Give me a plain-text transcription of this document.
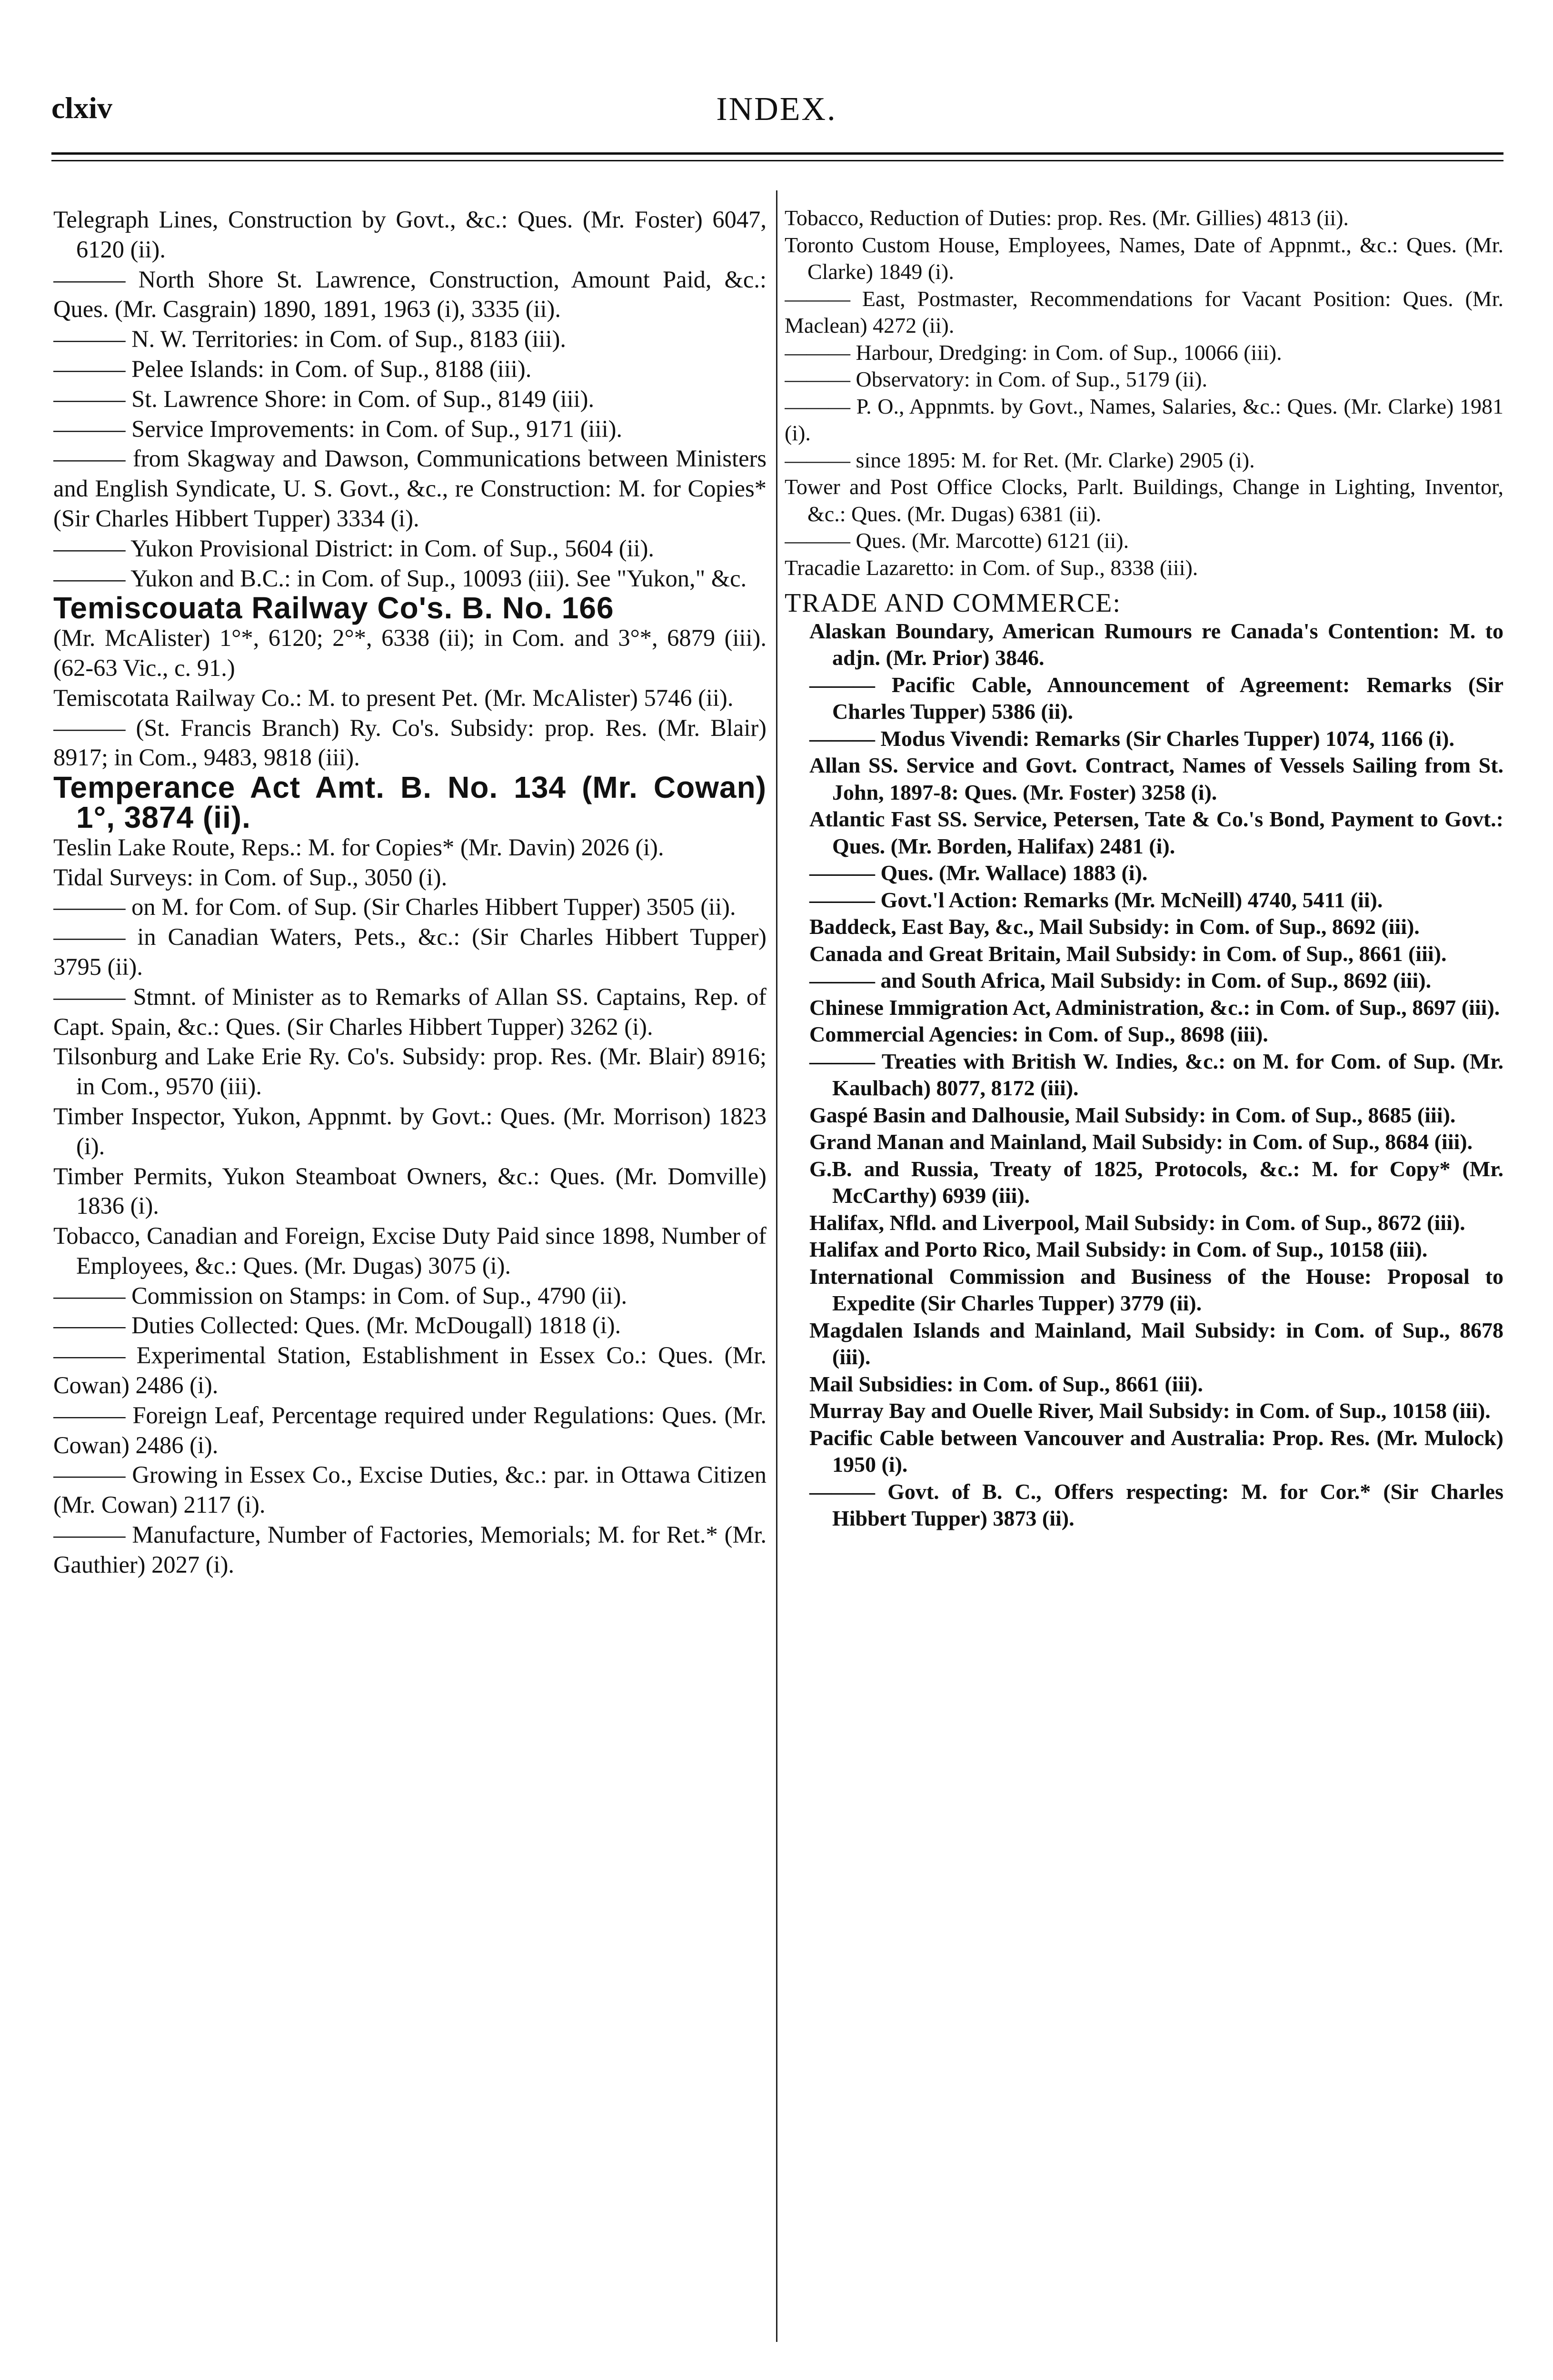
clxiv	INDEX.
Telegraph Lines, Construction by Govt., &c.: Ques. (Mr. Foster) 6047, 6120 (ii).
——— North Shore St. Lawrence, Construction, Amount Paid, &c.: Ques. (Mr. Casgrain) 1890, 1891, 1963 (i), 3335 (ii).
——— N. W. Territories: in Com. of Sup., 8183 (iii).
——— Pelee Islands: in Com. of Sup., 8188 (iii).
——— St. Lawrence Shore: in Com. of Sup., 8149 (iii).
——— Service Improvements: in Com. of Sup., 9171 (iii).
——— from Skagway and Dawson, Communications between Ministers and English Syndicate, U. S. Govt., &c., re Construction: M. for Copies* (Sir Charles Hibbert Tupper) 3334 (i).
——— Yukon Provisional District: in Com. of Sup., 5604 (ii).
——— Yukon and B.C.: in Com. of Sup., 10093 (iii). See "Yukon," &c.
Temiscouata Railway Co's. B. No. 166
(Mr. McAlister) 1°*, 6120; 2°*, 6338 (ii); in Com. and 3°*, 6879 (iii). (62-63 Vic., c. 91.)
Temiscotata Railway Co.: M. to present Pet. (Mr. McAlister) 5746 (ii).
——— (St. Francis Branch) Ry. Co's. Subsidy: prop. Res. (Mr. Blair) 8917; in Com., 9483, 9818 (iii).
Temperance Act Amt. B. No. 134 (Mr. Cowan) 1°, 3874 (ii).
Teslin Lake Route, Reps.: M. for Copies* (Mr. Davin) 2026 (i).
Tidal Surveys: in Com. of Sup., 3050 (i).
——— on M. for Com. of Sup. (Sir Charles Hibbert Tupper) 3505 (ii).
——— in Canadian Waters, Pets., &c.: (Sir Charles Hibbert Tupper) 3795 (ii).
——— Stmnt. of Minister as to Remarks of Allan SS. Captains, Rep. of Capt. Spain, &c.: Ques. (Sir Charles Hibbert Tupper) 3262 (i).
Tilsonburg and Lake Erie Ry. Co's. Subsidy: prop. Res. (Mr. Blair) 8916; in Com., 9570 (iii).
Timber Inspector, Yukon, Appnmt. by Govt.: Ques. (Mr. Morrison) 1823 (i).
Timber Permits, Yukon Steamboat Owners, &c.: Ques. (Mr. Domville) 1836 (i).
Tobacco, Canadian and Foreign, Excise Duty Paid since 1898, Number of Employees, &c.: Ques. (Mr. Dugas) 3075 (i).
——— Commission on Stamps: in Com. of Sup., 4790 (ii).
——— Duties Collected: Ques. (Mr. McDougall) 1818 (i).
——— Experimental Station, Establishment in Essex Co.: Ques. (Mr. Cowan) 2486 (i).
——— Foreign Leaf, Percentage required under Regulations: Ques. (Mr. Cowan) 2486 (i).
——— Growing in Essex Co., Excise Duties, &c.: par. in Ottawa Citizen (Mr. Cowan) 2117 (i).
——— Manufacture, Number of Factories, Memorials; M. for Ret.* (Mr. Gauthier) 2027 (i).
Tobacco, Reduction of Duties: prop. Res. (Mr. Gillies) 4813 (ii).
Toronto Custom House, Employees, Names, Date of Appnmt., &c.: Ques. (Mr. Clarke) 1849 (i).
——— East, Postmaster, Recommendations for Vacant Position: Ques. (Mr. Maclean) 4272 (ii).
——— Harbour, Dredging: in Com. of Sup., 10066 (iii).
——— Observatory: in Com. of Sup., 5179 (ii).
——— P. O., Appnmts. by Govt., Names, Salaries, &c.: Ques. (Mr. Clarke) 1981 (i).
——— since 1895: M. for Ret. (Mr. Clarke) 2905 (i).
Tower and Post Office Clocks, Parlt. Buildings, Change in Lighting, Inventor, &c.: Ques. (Mr. Dugas) 6381 (ii).
——— Ques. (Mr. Marcotte) 6121 (ii).
Tracadie Lazaretto: in Com. of Sup., 8338 (iii).
TRADE AND COMMERCE:
Alaskan Boundary, American Rumours re Canada's Contention: M. to adjn. (Mr. Prior) 3846.
——— Pacific Cable, Announcement of Agreement: Remarks (Sir Charles Tupper) 5386 (ii).
——— Modus Vivendi: Remarks (Sir Charles Tupper) 1074, 1166 (i).
Allan SS. Service and Govt. Contract, Names of Vessels Sailing from St. John, 1897-8: Ques. (Mr. Foster) 3258 (i).
Atlantic Fast SS. Service, Petersen, Tate & Co.'s Bond, Payment to Govt.: Ques. (Mr. Borden, Halifax) 2481 (i).
——— Ques. (Mr. Wallace) 1883 (i).
——— Govt.'l Action: Remarks (Mr. McNeill) 4740, 5411 (ii).
Baddeck, East Bay, &c., Mail Subsidy: in Com. of Sup., 8692 (iii).
Canada and Great Britain, Mail Subsidy: in Com. of Sup., 8661 (iii).
——— and South Africa, Mail Subsidy: in Com. of Sup., 8692 (iii).
Chinese Immigration Act, Administration, &c.: in Com. of Sup., 8697 (iii).
Commercial Agencies: in Com. of Sup., 8698 (iii).
——— Treaties with British W. Indies, &c.: on M. for Com. of Sup. (Mr. Kaulbach) 8077, 8172 (iii).
Gaspé Basin and Dalhousie, Mail Subsidy: in Com. of Sup., 8685 (iii).
Grand Manan and Mainland, Mail Subsidy: in Com. of Sup., 8684 (iii).
G.B. and Russia, Treaty of 1825, Protocols, &c.: M. for Copy* (Mr. McCarthy) 6939 (iii).
Halifax, Nfld. and Liverpool, Mail Subsidy: in Com. of Sup., 8672 (iii).
Halifax and Porto Rico, Mail Subsidy: in Com. of Sup., 10158 (iii).
International Commission and Business of the House: Proposal to Expedite (Sir Charles Tupper) 3779 (ii).
Magdalen Islands and Mainland, Mail Subsidy: in Com. of Sup., 8678 (iii).
Mail Subsidies: in Com. of Sup., 8661 (iii).
Murray Bay and Ouelle River, Mail Subsidy: in Com. of Sup., 10158 (iii).
Pacific Cable between Vancouver and Australia: Prop. Res. (Mr. Mulock) 1950 (i).
——— Govt. of B. C., Offers respecting: M. for Cor.* (Sir Charles Hibbert Tupper) 3873 (ii).
